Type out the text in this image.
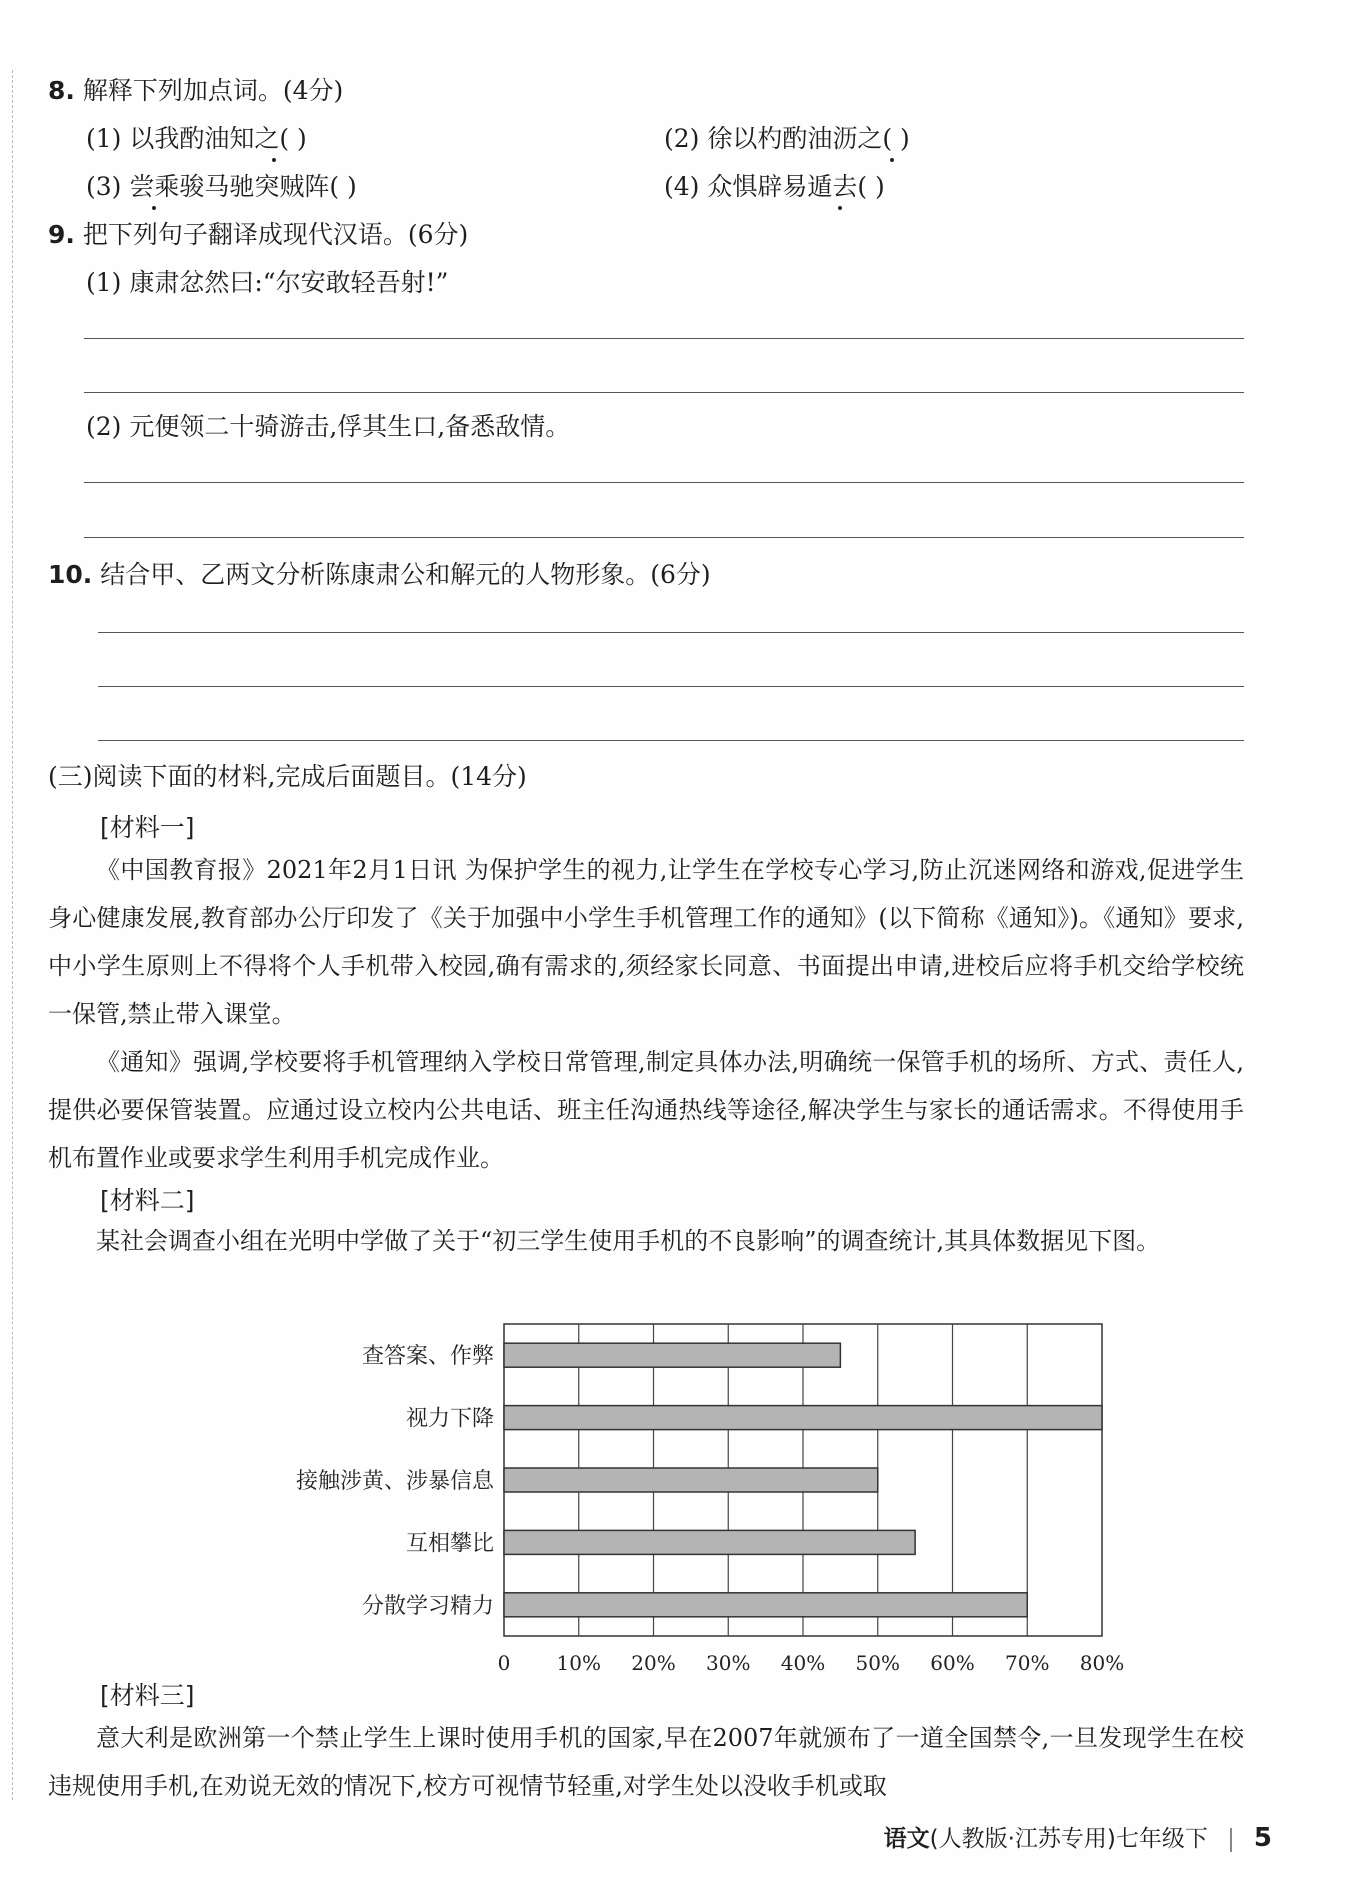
8. 解释下列加点词。(4分)
(1) 以我酌油知之( )	(2) 徐以杓酌油沥之( )
(3) 尝乘骏马驰突贼阵( )	(4) 众惧辟易遁去( )
9. 把下列句子翻译成现代汉语。(6分)
(1) 康肃忿然曰:“尔安敢轻吾射!”
(2) 元便领二十骑游击,俘其生口,备悉敌情。
10. 结合甲、乙两文分析陈康肃公和解元的人物形象。(6分)
(三)阅读下面的材料,完成后面题目。(14分)
[材料一]

《中国教育报》2021年2月1日讯 为保护学生的视力,让学生在学校专心学习,防止沉迷网络和游戏,促进学生身心健康发展,教育部办公厅印发了《关于加强中小学生手机管理工作的通知》(以下简称《通知》)。《通知》要求,中小学生原则上不得将个人手机带入校园,确有需求的,须经家长同意、书面提出申请,进校后应将手机交给学校统一保管,禁止带入课堂。

《通知》强调,学校要将手机管理纳入学校日常管理,制定具体办法,明确统一保管手机的场所、方式、责任人,提供必要保管装置。应通过设立校内公共电话、班主任沟通热线等途径,解决学生与家长的通话需求。不得使用手机布置作业或要求学生利用手机完成作业。

[材料二]

某社会调查小组在光明中学做了关于“初三学生使用手机的不良影响”的调查统计,其具体数据见下图。

查答案、作弊
视力下降
接触涉黄、涉暴信息
互相攀比
分散学习精力
0 10% 20% 30% 40% 50% 60% 70% 80%
[材料三]

意大利是欧洲第一个禁止学生上课时使用手机的国家,早在2007年就颁布了一道全国禁令,一旦发现学生在校违规使用手机,在劝说无效的情况下,校方可视情节轻重,对学生处以没收手机或取

语文(人教版·江苏专用)七年级下 5
